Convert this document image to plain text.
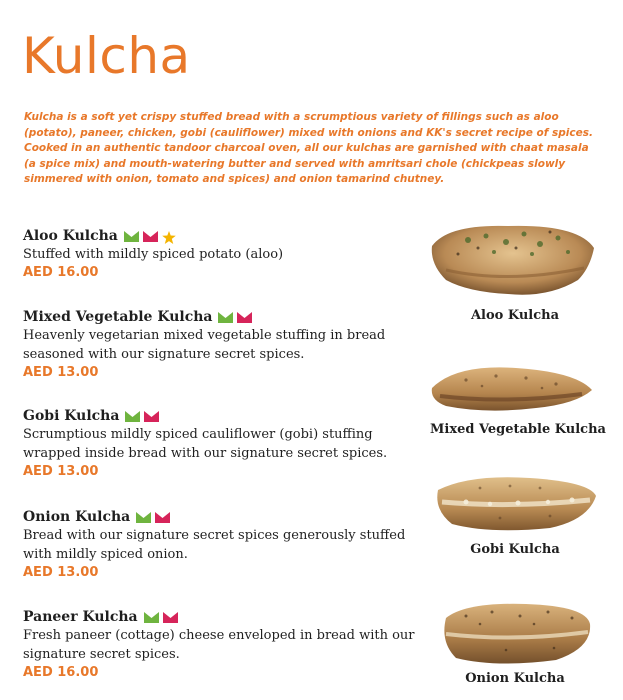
Kulcha
Kulcha is a soft yet crispy stuffed bread with a scrumptious variety of fillings such as aloo (potato), paneer, chicken, gobi (cauliflower) mixed with onions and KK's secret recipe of spices. Cooked in an authentic tandoor charcoal oven, all our kulchas are garnished with chaat masala (a spice mix) and mouth-watering butter and served with amritsari chole (chickpeas slowly simmered with onion, tomato and spices) and onion tamarind chutney.
Aloo Kulcha
Stuffed with mildly spiced potato (aloo)
AED 16.00
Mixed Vegetable Kulcha
Heavenly vegetarian mixed vegetable stuffing in bread seasoned with our signature secret spices.
AED 13.00
Gobi Kulcha
Scrumptious mildly spiced cauliflower (gobi) stuffing wrapped inside bread with our signature secret spices.
AED 13.00
Onion Kulcha
Bread with our signature secret spices generously stuffed with mildly spiced onion.
AED 13.00
Paneer Kulcha
Fresh paneer (cottage) cheese enveloped in bread with our signature secret spices.
AED 16.00
Aloo Kulcha
Mixed Vegetable Kulcha
Gobi Kulcha
Onion Kulcha
